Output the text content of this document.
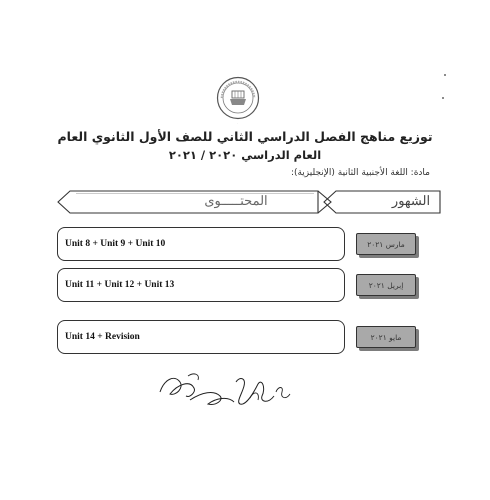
·
توزيع مناهج الفصل الدراسي الثاني للصف الأول الثانوي العام
العام الدراسي ٢٠٢٠ / ٢٠٢١
مادة: اللغة الأجنبية الثانية (الإنجليزية):
المحتـــــوى	الشهور
Unit 8 + Unit 9 + Unit 10	مارس ٢٠٢١
Unit 11 + Unit 12 + Unit 13	إبريل ٢٠٢١
Unit 14 + Revision	مايو ٢٠٢١
